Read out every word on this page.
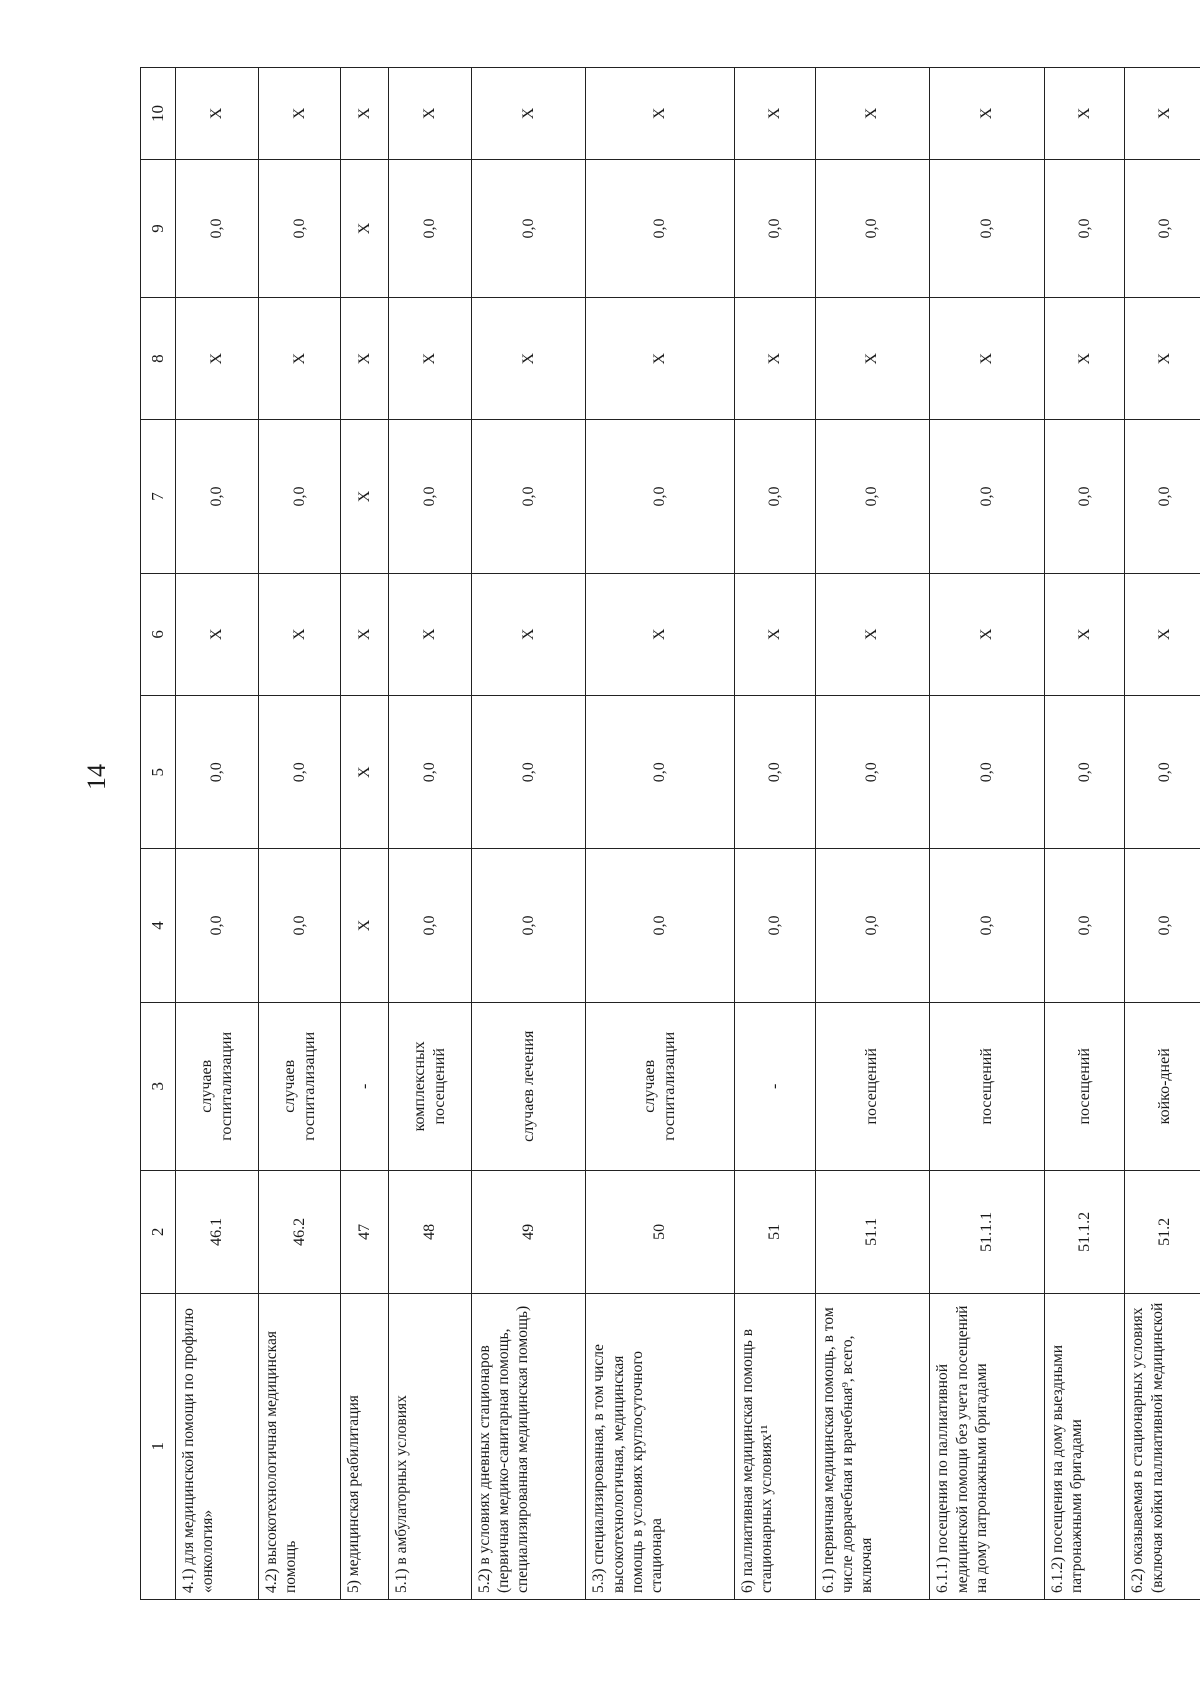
14
1	2	3	4	5	6	7	8	9	10
4.1) для медицинской помощи по профилю «онкология»	46.1	случаев госпитализации	0,0	0,0	X	0,0	X	0,0	X
4.2) высокотехнологичная медицинская помощь	46.2	случаев госпитализации	0,0	0,0	X	0,0	X	0,0	X
5) медицинская реабилитация	47	-	X	X	X	X	X	X	X
5.1) в амбулаторных условиях	48	комплексных посещений	0,0	0,0	X	0,0	X	0,0	X
5.2) в условиях дневных стационаров (первичная медико-санитарная помощь, специализированная медицинская помощь)	49	случаев лечения	0,0	0,0	X	0,0	X	0,0	X
5.3) специализированная, в том числе высокотехнологичная, медицинская помощь в условиях круглосуточного стационара	50	случаев госпитализации	0,0	0,0	X	0,0	X	0,0	X
6) паллиативная медицинская помощь в стационарных условиях¹¹	51	-	0,0	0,0	X	0,0	X	0,0	X
6.1) первичная медицинская помощь, в том числе доврачебная и врачебная⁹, всего, включая	51.1	посещений	0,0	0,0	X	0,0	X	0,0	X
6.1.1) посещения по паллиативной медицинской помощи без учета посещений на дому патронажными бригадами	51.1.1	посещений	0,0	0,0	X	0,0	X	0,0	X
6.1.2) посещения на дому выездными патронажными бригадами	51.1.2	посещений	0,0	0,0	X	0,0	X	0,0	X
6.2) оказываемая в стационарных условиях (включая койки паллиативной медицинской	51.2	койко-дней	0,0	0,0	X	0,0	X	0,0	X
